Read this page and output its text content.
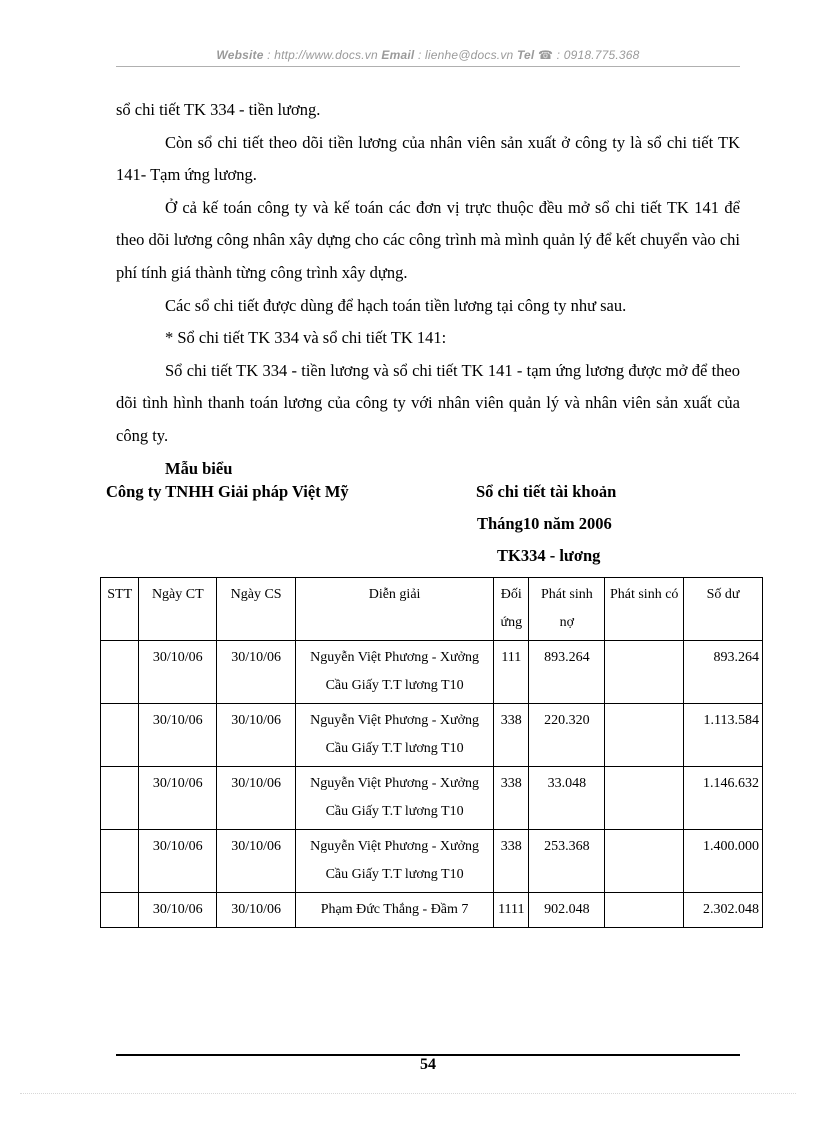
Website : http://www.docs.vn Email : lienhe@docs.vn Tel ☎ : 0918.775.368

sổ chi tiết TK 334 - tiền lương.

Còn sổ chi tiết theo dõi tiền lương của nhân viên sản xuất ở công ty là sổ chi tiết TK 141- Tạm ứng lương.

Ở cả kế toán công ty và kế toán các đơn vị trực thuộc đều mở sổ chi tiết TK 141 để theo dõi lương công nhân xây dựng cho các công trình mà mình quản lý để kết chuyển vào chi phí tính giá thành từng công trình xây dựng.

Các sổ chi tiết được dùng để hạch toán tiền lương tại công ty như sau.

* Sổ chi tiết TK 334 và sổ chi tiết TK 141:

Sổ chi tiết TK 334 - tiền lương và sổ chi tiết TK 141 - tạm ứng lương được mở để theo dõi tình hình thanh toán lương của công ty với nhân viên quản lý và nhân viên sản xuất của công ty.

Mẫu biểu

Công ty TNHH Giải pháp Việt Mỹ	Sổ chi tiết tài khoản
Tháng10 năm 2006
TK334 - lương
STT	Ngày CT	Ngày CS	Diễn giải	Đối ứng	Phát sinh nợ	Phát sinh có	Số dư
	30/10/06	30/10/06	Nguyễn Việt Phương - Xưởng Cầu Giấy T.T lương T10	111	893.264		893.264
	30/10/06	30/10/06	Nguyễn Việt Phương - Xưởng Cầu Giấy T.T lương T10	338	220.320		1.113.584
	30/10/06	30/10/06	Nguyễn Việt Phương - Xưởng Cầu Giấy T.T lương T10	338	33.048		1.146.632
	30/10/06	30/10/06	Nguyễn Việt Phương - Xưởng Cầu Giấy T.T lương T10	338	253.368		1.400.000
	30/10/06	30/10/06	Phạm Đức Thắng - Đầm 7	1111	902.048		2.302.048
54
